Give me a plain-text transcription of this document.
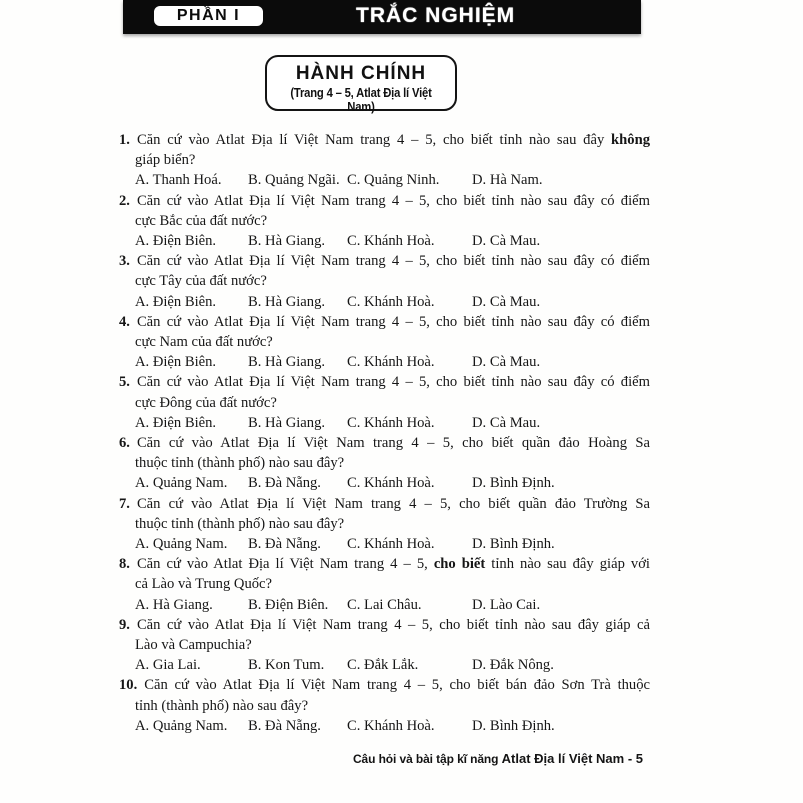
PHẦN I	TRẮC NGHIỆM
HÀNH CHÍNH
(Trang 4 – 5, Atlat Địa lí Việt Nam)
1. Căn cứ vào Atlat Địa lí Việt Nam trang 4 – 5, cho biết tỉnh nào sau đây không
giáp biển?
A. Thanh Hoá.	B. Quảng Ngãi. C. Quảng Ninh.	D. Hà Nam.
2. Căn cứ vào Atlat Địa lí Việt Nam trang 4 – 5, cho biết tỉnh nào sau đây có điểm
cực Bắc của đất nước?
A. Điện Biên.	B. Hà Giang.	C. Khánh Hoà.	D. Cà Mau.
3. Căn cứ vào Atlat Địa lí Việt Nam trang 4 – 5, cho biết tỉnh nào sau đây có điểm
cực Tây của đất nước?
A. Điện Biên.	B. Hà Giang.	C. Khánh Hoà.	D. Cà Mau.
4. Căn cứ vào Atlat Địa lí Việt Nam trang 4 – 5, cho biết tỉnh nào sau đây có điểm
cực Nam của đất nước?
A. Điện Biên.	B. Hà Giang.	C. Khánh Hoà.	D. Cà Mau.
5. Căn cứ vào Atlat Địa lí Việt Nam trang 4 – 5, cho biết tỉnh nào sau đây có điểm
cực Đông của đất nước?
A. Điện Biên.	B. Hà Giang.	C. Khánh Hoà.	D. Cà Mau.
6. Căn cứ vào Atlat Địa lí Việt Nam trang 4 – 5, cho biết quần đảo Hoàng Sa
thuộc tỉnh (thành phố) nào sau đây?
A. Quảng Nam.	B. Đà Nẵng.	C. Khánh Hoà.	D. Bình Định.
7. Căn cứ vào Atlat Địa lí Việt Nam trang 4 – 5, cho biết quần đảo Trường Sa
thuộc tỉnh (thành phố) nào sau đây?
A. Quảng Nam.	B. Đà Nẵng.	C. Khánh Hoà.	D. Bình Định.
8. Căn cứ vào Atlat Địa lí Việt Nam trang 4 – 5, cho biết tỉnh nào sau đây giáp với
cả Lào và Trung Quốc?
A. Hà Giang.	B. Điện Biên.	C. Lai Châu.	D. Lào Cai.
9. Căn cứ vào Atlat Địa lí Việt Nam trang 4 – 5, cho biết tỉnh nào sau đây giáp cả
Lào và Campuchia?
A. Gia Lai.	B. Kon Tum.	C. Đắk Lắk.	D. Đắk Nông.
10. Căn cứ vào Atlat Địa lí Việt Nam trang 4 – 5, cho biết bán đảo Sơn Trà thuộc
tỉnh (thành phố) nào sau đây?
A. Quảng Nam.	B. Đà Nẵng.	C. Khánh Hoà.	D. Bình Định.
Câu hỏi và bài tập kĩ năng Atlat Địa lí Việt Nam - 5
